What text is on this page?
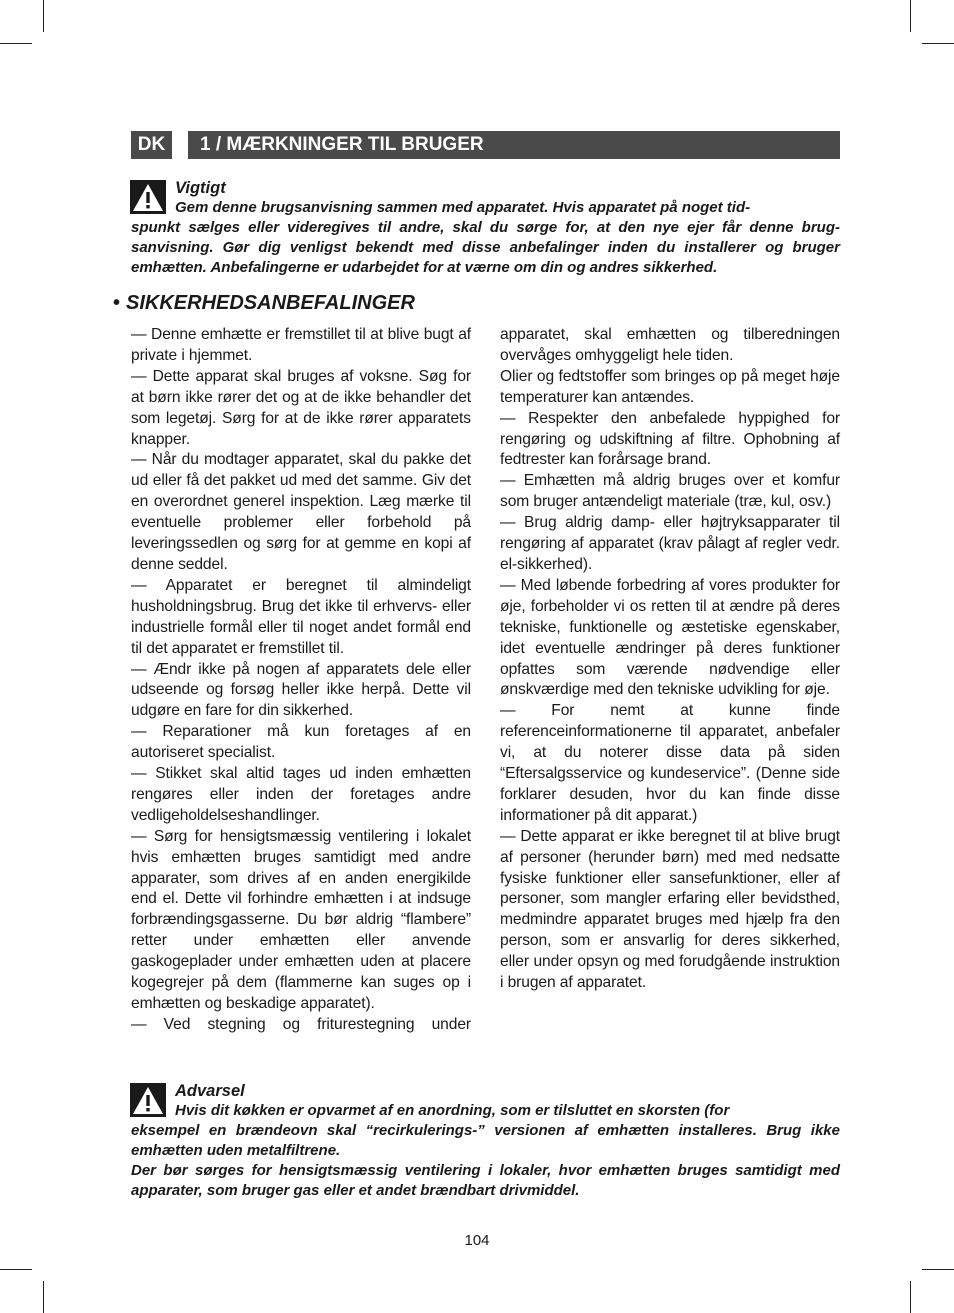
DK	1 / MÆRKNINGER TIL BRUGER
Vigtigt
Gem denne brugsanvisning sammen med apparatet. Hvis apparatet på noget tid-

spunkt sælges eller videregives til andre, skal du sørge for, at den nye ejer får denne brug-sanvisning. Gør dig venligst bekendt med disse anbefalinger inden du installerer og bruger emhætten. Anbefalingerne er udarbejdet for at værne om din og andres sikkerhed.

• SIKKERHEDSANBEFALINGER

— Denne emhætte er fremstillet til at blive bugt af private i hjemmet.

— Dette apparat skal bruges af voksne. Søg for at børn ikke rører det og at de ikke behandler det som legetøj. Sørg for at de ikke rører apparatets knapper.

— Når du modtager apparatet, skal du pakke det ud eller få det pakket ud med det samme. Giv det en overordnet generel inspektion. Læg mærke til eventuelle problemer eller forbehold på leveringssedlen og sørg for at gemme en kopi af denne seddel.

— Apparatet er beregnet til almindeligt husholdningsbrug. Brug det ikke til erhvervs- eller industrielle formål eller til noget andet formål end til det apparatet er fremstillet til.

— Ændr ikke på nogen af apparatets dele eller udseende og forsøg heller ikke herpå. Dette vil udgøre en fare for din sikkerhed.

— Reparationer må kun foretages af en autoriseret specialist.

— Stikket skal altid tages ud inden emhætten rengøres eller inden der foretages andre vedligeholdelseshandlinger.

— Sørg for hensigtsmæssig ventilering i lokalet hvis emhætten bruges samtidigt med andre apparater, som drives af en anden energikilde end el. Dette vil forhindre emhætten i at indsuge forbrændingsgasserne. Du bør aldrig “flambere” retter under emhætten eller anvende gaskogeplader under emhætten uden at placere kogegrejer på dem (flammerne kan suges op i emhætten og beskadige apparatet).

— Ved stegning og friturestegning under

apparatet, skal emhætten og tilberedningen overvåges omhyggeligt hele tiden.

Olier og fedtstoffer som bringes op på meget høje temperaturer kan antændes.

— Respekter den anbefalede hyppighed for rengøring og udskiftning af filtre. Ophobning af fedtrester kan forårsage brand.

— Emhætten må aldrig bruges over et komfur som bruger antændeligt materiale (træ, kul, osv.)

— Brug aldrig damp- eller højtryksapparater til rengøring af apparatet (krav pålagt af regler vedr. el-sikkerhed).

— Med løbende forbedring af vores produkter for øje, forbeholder vi os retten til at ændre på deres tekniske, funktionelle og æstetiske egenskaber, idet eventuelle ændringer på deres funktioner opfattes som værende nødvendige eller ønskværdige med den tekniske udvikling for øje.

— For nemt at kunne finde referenceinformationerne til apparatet, anbefaler vi, at du noterer disse data på siden “Eftersalgsservice og kundeservice”. (Denne side forklarer desuden, hvor du kan finde disse informationer på dit apparat.)

— Dette apparat er ikke beregnet til at blive brugt af personer (herunder børn) med med nedsatte fysiske funktioner eller sansefunktioner, eller af personer, som mangler erfaring eller bevidsthed, medmindre apparatet bruges med hjælp fra den person, som er ansvarlig for deres sikkerhed, eller under opsyn og med forudgående instruktion i brugen af apparatet.

Advarsel
Hvis dit køkken er opvarmet af en anordning, som er tilsluttet en skorsten (for

eksempel en brændeovn skal “recirkulerings-” versionen af emhætten installeres. Brug ikke emhætten uden metalfiltrene.

Der bør sørges for hensigtsmæssig ventilering i lokaler, hvor emhætten bruges samtidigt med apparater, som bruger gas eller et andet brændbart drivmiddel.

104
